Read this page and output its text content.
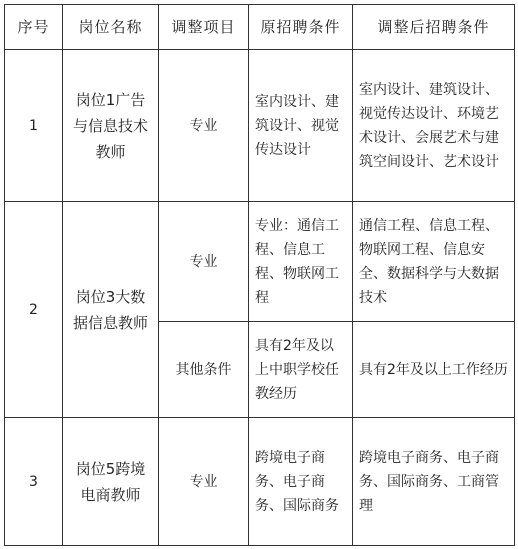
序号	岗位名称	调整项目	原招聘条件	调整后招聘条件
1	岗位1广告与信息技术教师	专业	室内设计、建筑设计、视觉传达设计	室内设计、建筑设计、视觉传达设计、环境艺术设计、会展艺术与建筑空间设计、艺术设计
2	岗位3大数据信息教师	专业	专业：通信工程、信息工程、物联网工程	通信工程、信息工程、物联网工程、信息安全、数据科学与大数据技术
		其他条件	具有2年及以上中职学校任教经历	具有2年及以上工作经历
3	岗位5跨境电商教师	专业	跨境电子商务、电子商务、国际商务	跨境电子商务、电子商务、国际商务、工商管理
